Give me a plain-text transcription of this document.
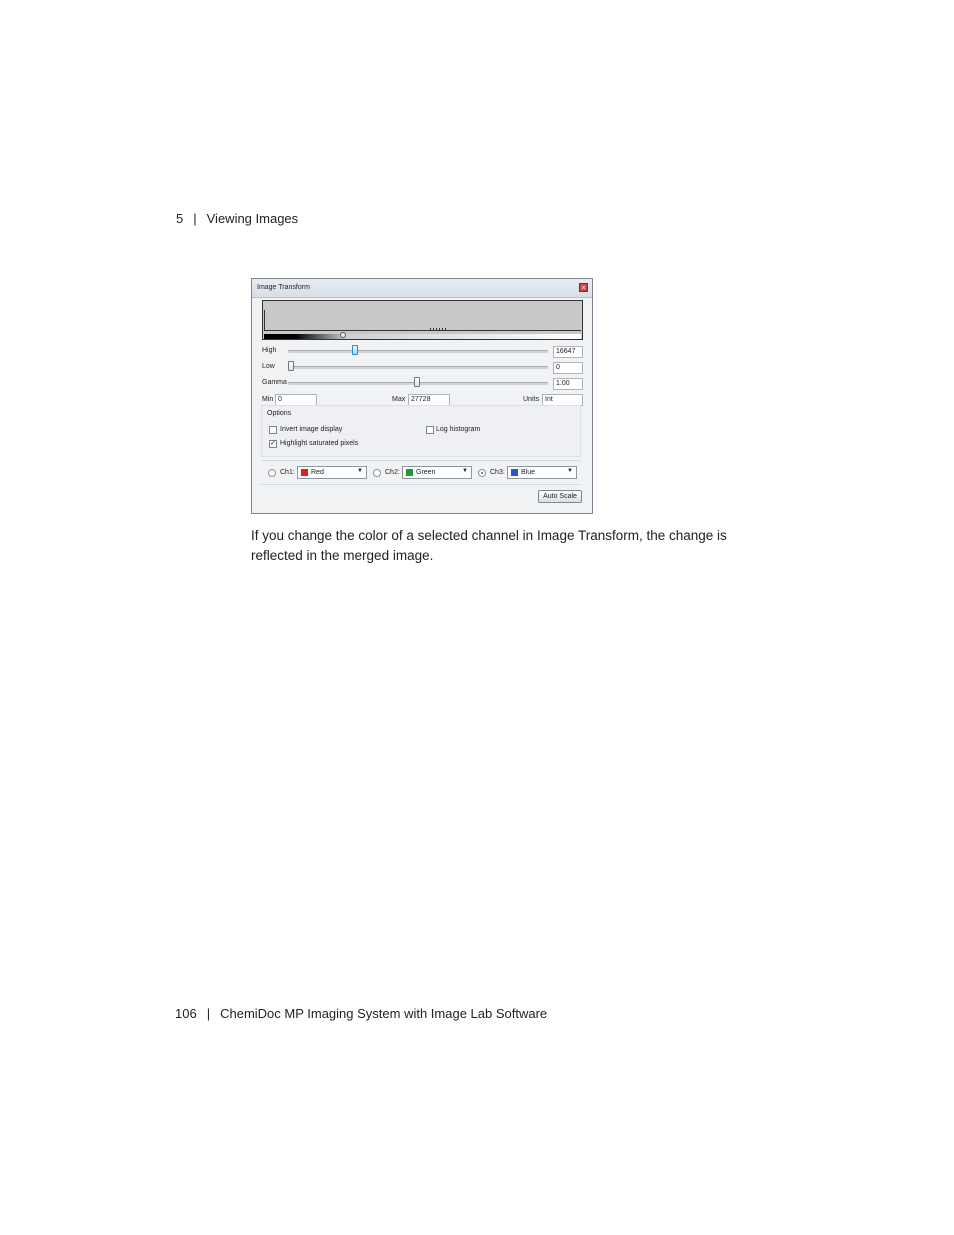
5 | Viewing Images
Image Transform	×
High	16647
Low	0
Gamma	1.00
Min 0	Max 27728	Units Int
Options
Invert image display	Log histogram
✓ Highlight saturated pixels
Ch1: Red	▼	Ch2: Green	▼	Ch3: Blue	▼
Auto Scale

If you change the color of a selected channel in Image Transform, the change is reflected in the merged image.

106 | ChemiDoc MP Imaging System with Image Lab Software
